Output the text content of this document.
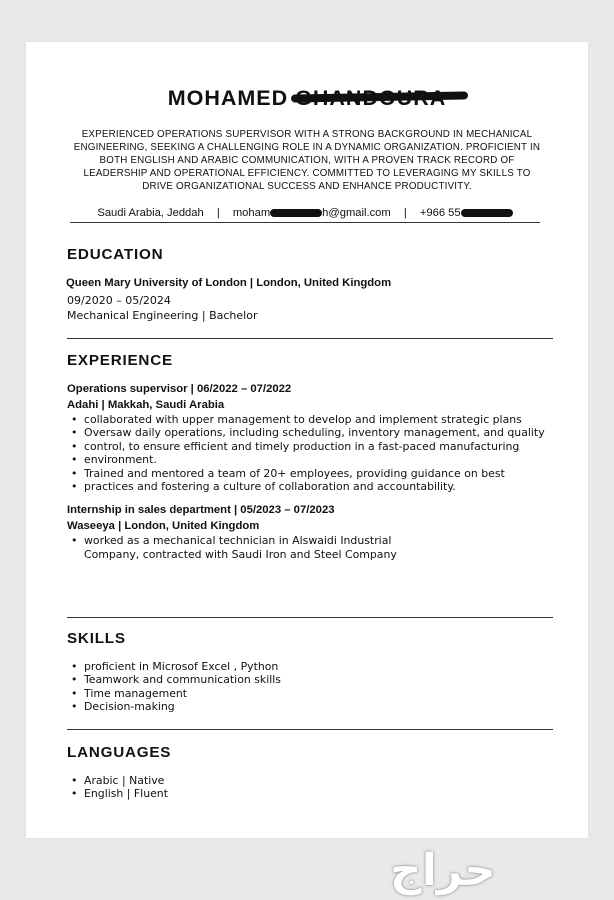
MOHAMED
EXPERIENCED OPERATIONS SUPERVISOR WITH A STRONG BACKGROUND IN MECHANICAL ENGINEERING, SEEKING A CHALLENGING ROLE IN A DYNAMIC ORGANIZATION. PROFICIENT IN BOTH ENGLISH AND ARABIC COMMUNICATION, WITH A PROVEN TRACK RECORD OF LEADERSHIP AND OPERATIONAL EFFICIENCY. COMMITTED TO LEVERAGING MY SKILLS TO DRIVE ORGANIZATIONAL SUCCESS AND ENHANCE PRODUCTIVITY.
Saudi Arabia, Jeddah | moham	h@gmail.com | +966 55
EDUCATION
Queen Mary University of London | London, United Kingdom
09/2020 – 05/2024
Mechanical Engineering | Bachelor
EXPERIENCE
Operations supervisor | 06/2022 – 07/2022
Adahi | Makkah, Saudi Arabia
• collaborated with upper management to develop and implement strategic plans
• Oversaw daily operations, including scheduling, inventory management, and quality
• control, to ensure efficient and timely production in a fast-paced manufacturing
• environment.
• Trained and mentored a team of 20+ employees, providing guidance on best
• practices and fostering a culture of collaboration and accountability.
Internship in sales department | 05/2023 – 07/2023
Waseeya | London, United Kingdom
• worked as a mechanical technician in Alswaidi Industrial Company, contracted with Saudi Iron and Steel Company
SKILLS
• proficient in Microsof Excel , Python
• Teamwork and communication skills
• Time management
• Decision-making
LANGUAGES
• Arabic | Native
• English | Fluent
حراج
